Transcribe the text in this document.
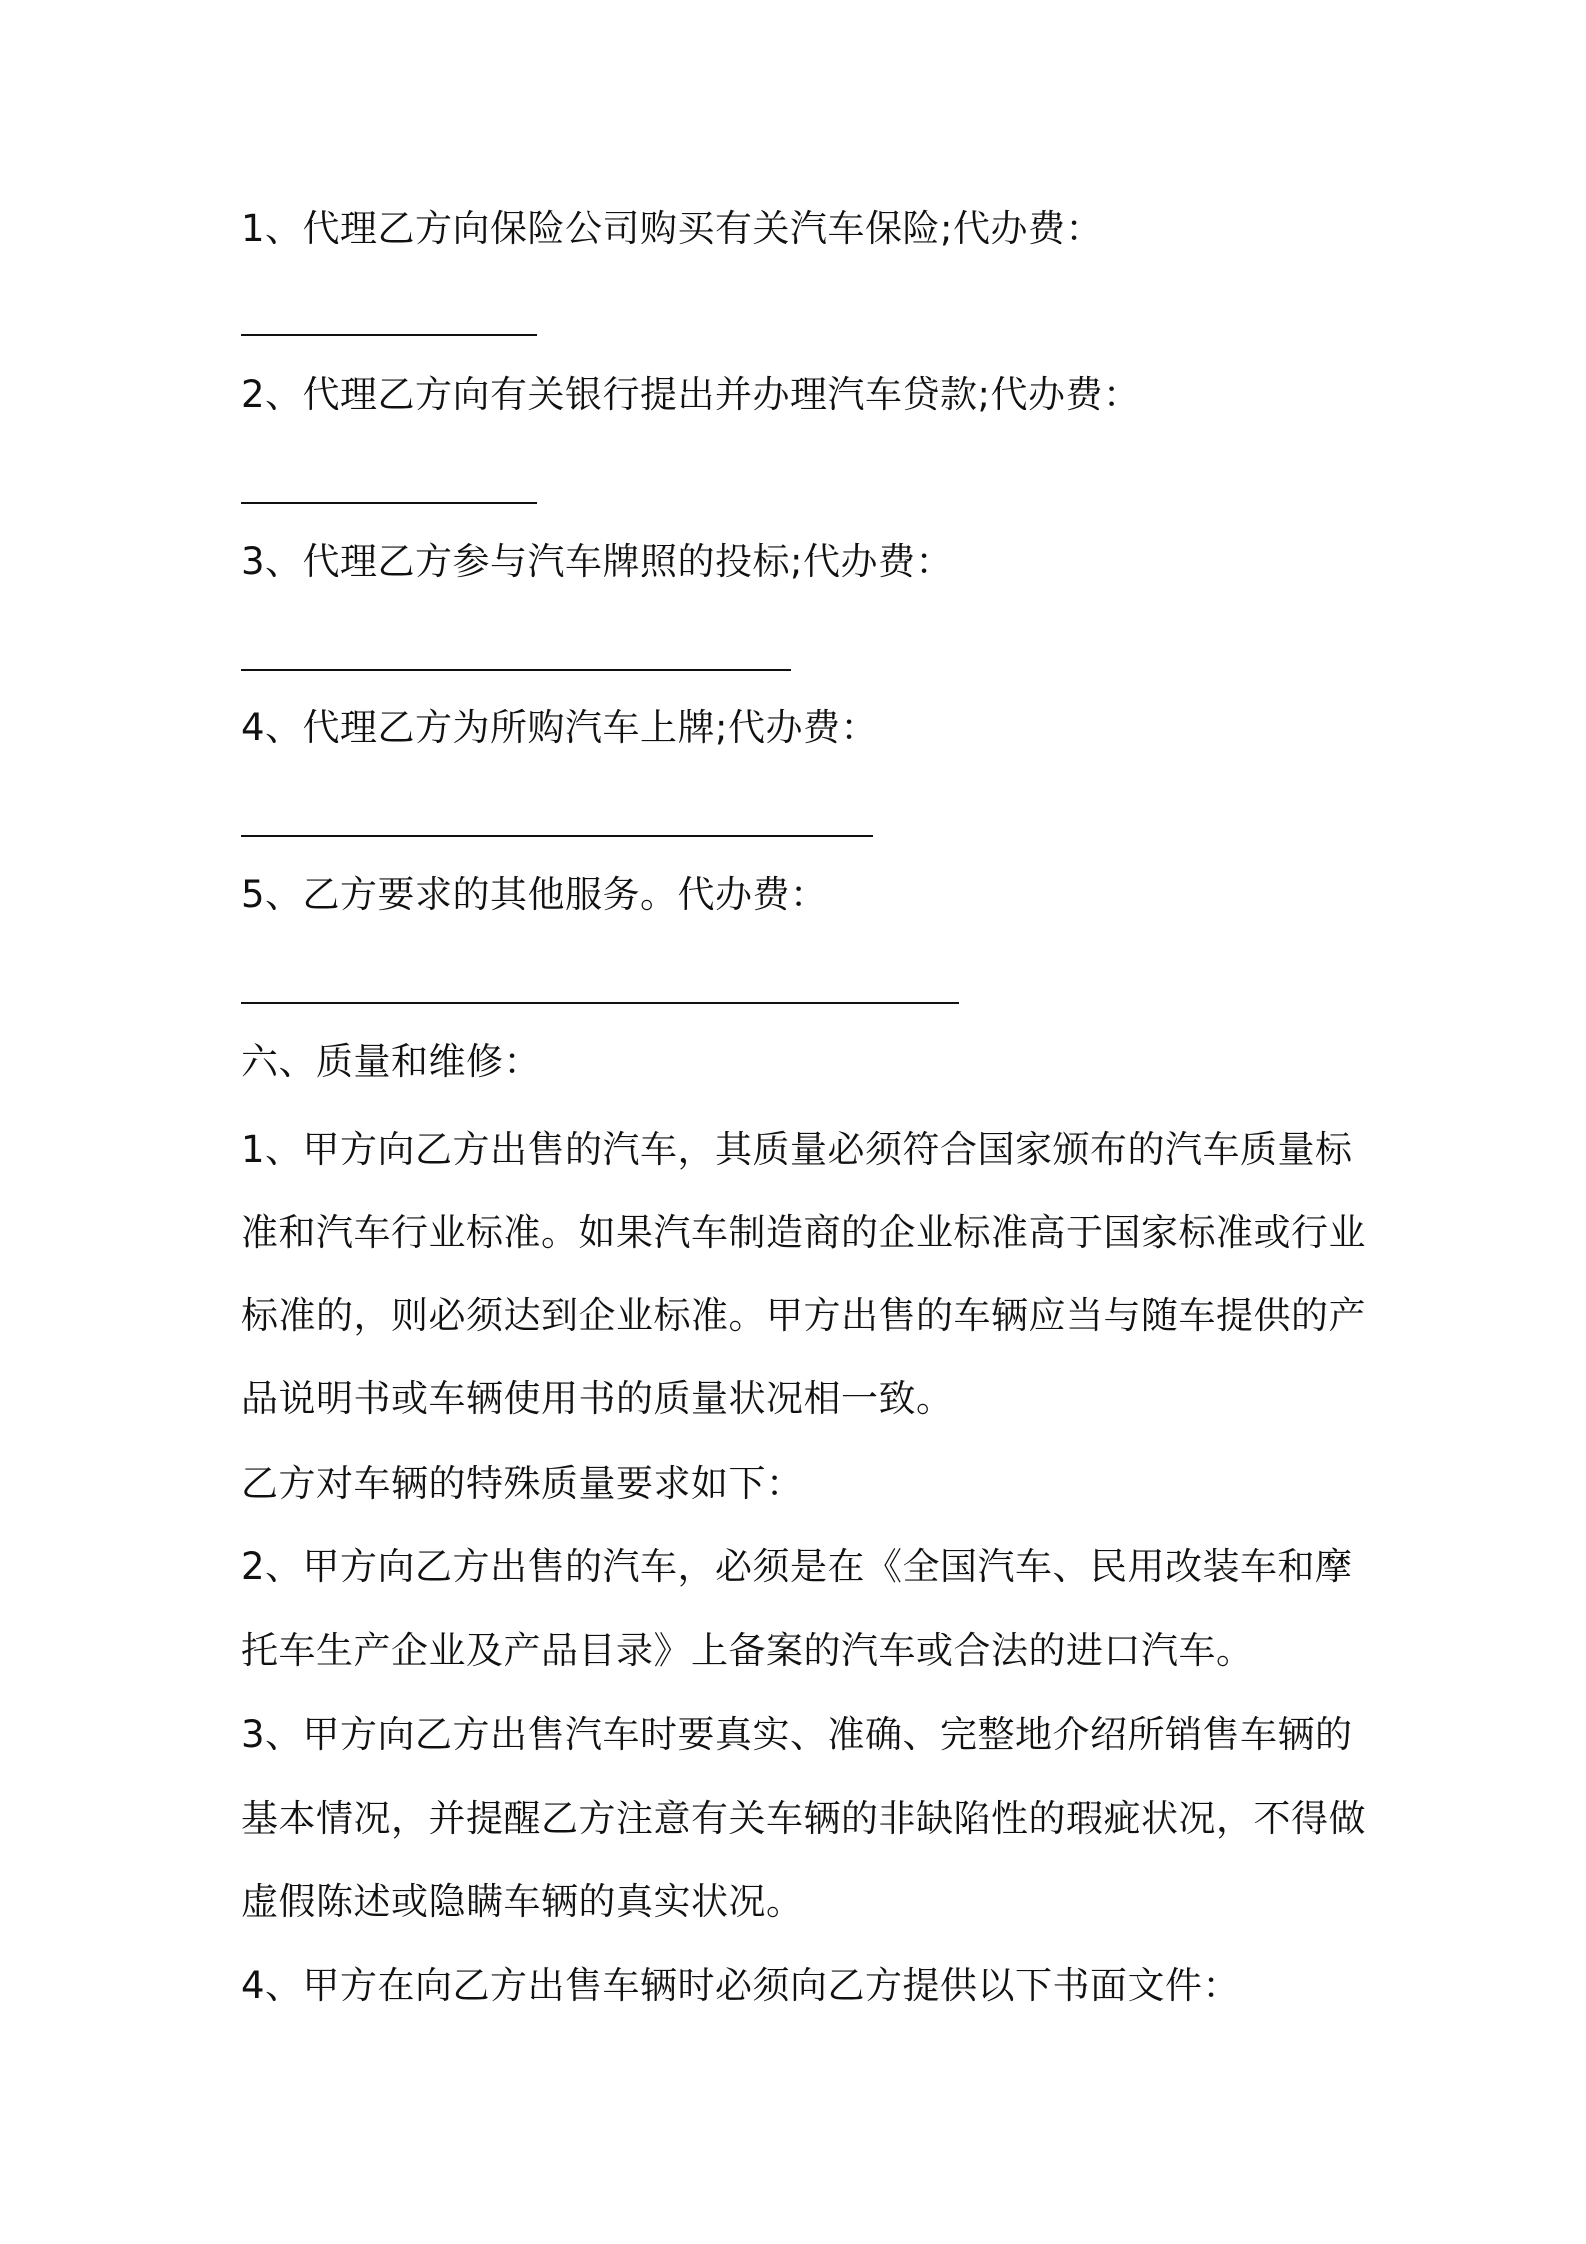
1、代理乙方向保险公司购买有关汽车保险;代办费：
2、代理乙方向有关银行提出并办理汽车贷款;代办费：
3、代理乙方参与汽车牌照的投标;代办费：
4、代理乙方为所购汽车上牌;代办费：
5、乙方要求的其他服务。代办费：
六、质量和维修：
1、甲方向乙方出售的汽车，其质量必须符合国家颁布的汽车质量标
准和汽车行业标准。如果汽车制造商的企业标准高于国家标准或行业
标准的，则必须达到企业标准。甲方出售的车辆应当与随车提供的产
品说明书或车辆使用书的质量状况相一致。
乙方对车辆的特殊质量要求如下：
2、甲方向乙方出售的汽车，必须是在《全国汽车、民用改装车和摩
托车生产企业及产品目录》上备案的汽车或合法的进口汽车。
3、甲方向乙方出售汽车时要真实、准确、完整地介绍所销售车辆的
基本情况，并提醒乙方注意有关车辆的非缺陷性的瑕疵状况，不得做
虚假陈述或隐瞒车辆的真实状况。
4、甲方在向乙方出售车辆时必须向乙方提供以下书面文件：
